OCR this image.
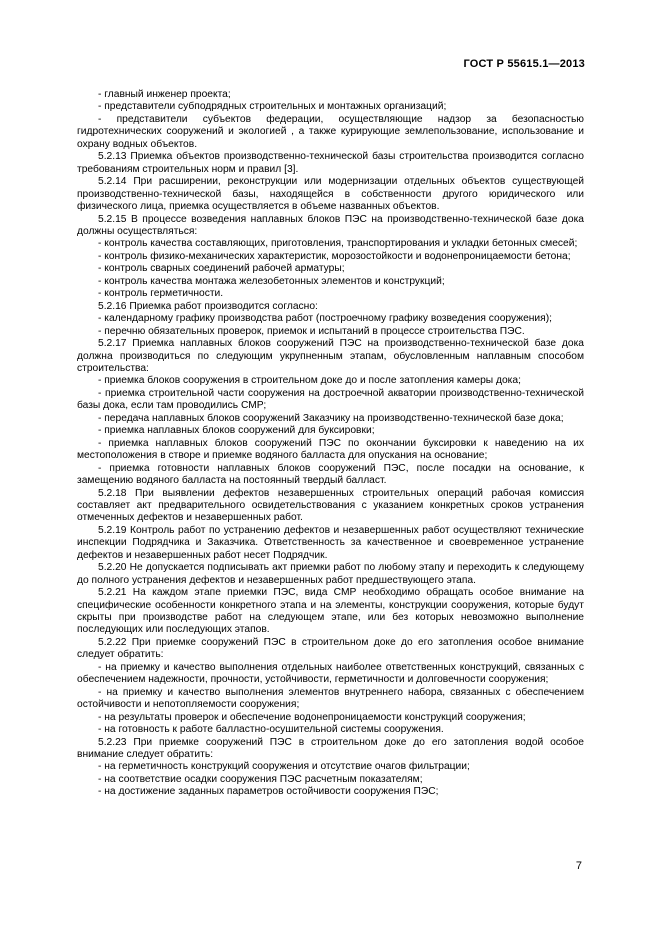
ГОСТ Р 55615.1—2013

- главный инженер проекта;

- представители субподрядных строительных и монтажных организаций;

- представители субъектов федерации, осуществляющие надзор за безопасностью гидротехнических сооружений и экологией , а также курирующие землепользование, использование и охрану водных объектов.

5.2.13 Приемка объектов производственно-технической базы строительства производится согласно требованиям строительных норм и правил [3].

5.2.14 При расширении, реконструкции или модернизации отдельных объектов существующей производственно-технической базы, находящейся в собственности другого юридического или физического лица, приемка осуществляется в объеме названных объектов.

5.2.15 В процессе возведения наплавных блоков ПЭС на производственно-технической базе дока должны осуществляться:

- контроль качества составляющих, приготовления, транспортирования и укладки бетонных смесей;

- контроль физико-механических характеристик, морозостойкости и водонепроницаемости бетона;

- контроль сварных соединений рабочей арматуры;

- контроль качества монтажа железобетонных элементов и конструкций;

- контроль герметичности.

5.2.16 Приемка работ производится согласно:

- календарному графику производства работ (построечному графику возведения сооружения);

- перечню обязательных проверок, приемок и испытаний в процессе строительства ПЭС.

5.2.17 Приемка наплавных блоков сооружений ПЭС на производственно-технической базе дока должна производиться по следующим укрупненным этапам, обусловленным наплавным способом строительства:

- приемка блоков сооружения в строительном доке до и после затопления камеры дока;

- приемка строительной части сооружения на достроечной акватории производственно-технической базы дока, если там проводились СМР;

- передача наплавных блоков сооружений Заказчику на производственно-технической базе дока;

- приемка наплавных блоков сооружений для буксировки;

- приемка наплавных блоков сооружений ПЭС по окончании буксировки к наведению на их местоположения в створе и приемке водяного балласта для опускания на основание;

- приемка готовности наплавных блоков сооружений ПЭС, после посадки на основание, к замещению водяного балласта на постоянный твердый балласт.

5.2.18 При выявлении дефектов незавершенных строительных операций рабочая комиссия составляет акт предварительного освидетельствования с указанием конкретных сроков устранения отмеченных дефектов и незавершенных работ.

5.2.19 Контроль работ по устранению дефектов и незавершенных работ осуществляют технические инспекции Подрядчика и Заказчика. Ответственность за качественное и своевременное устранение дефектов и незавершенных работ несет Подрядчик.

5.2.20 Не допускается подписывать акт приемки работ по любому этапу и переходить к следующему до полного устранения дефектов и незавершенных работ предшествующего этапа.

5.2.21 На каждом этапе приемки ПЭС, вида СМР необходимо обращать особое внимание на специфические особенности конкретного этапа и на элементы, конструкции сооружения, которые будут скрыты при производстве работ на следующем этапе, или без которых невозможно выполнение последующих или последующих этапов.

5.2.22 При приемке сооружений ПЭС в строительном доке до его затопления особое внимание следует обратить:

- на приемку и качество выполнения отдельных наиболее ответственных конструкций, связанных с обеспечением надежности, прочности, устойчивости, герметичности и долговечности сооружения;

- на приемку и качество выполнения элементов внутреннего набора, связанных с обеспечением остойчивости и непотопляемости сооружения;

- на результаты проверок и обеспечение водонепроницаемости конструкций сооружения;

- на готовность к работе балластно-осушительной системы сооружения.

5.2.23 При приемке сооружений ПЭС в строительном доке до его затопления водой особое внимание следует обратить:

- на герметичность конструкций сооружения и отсутствие очагов фильтрации;

- на соответствие осадки сооружения ПЭС расчетным показателям;

- на достижение заданных параметров остойчивости сооружения ПЭС;

7
